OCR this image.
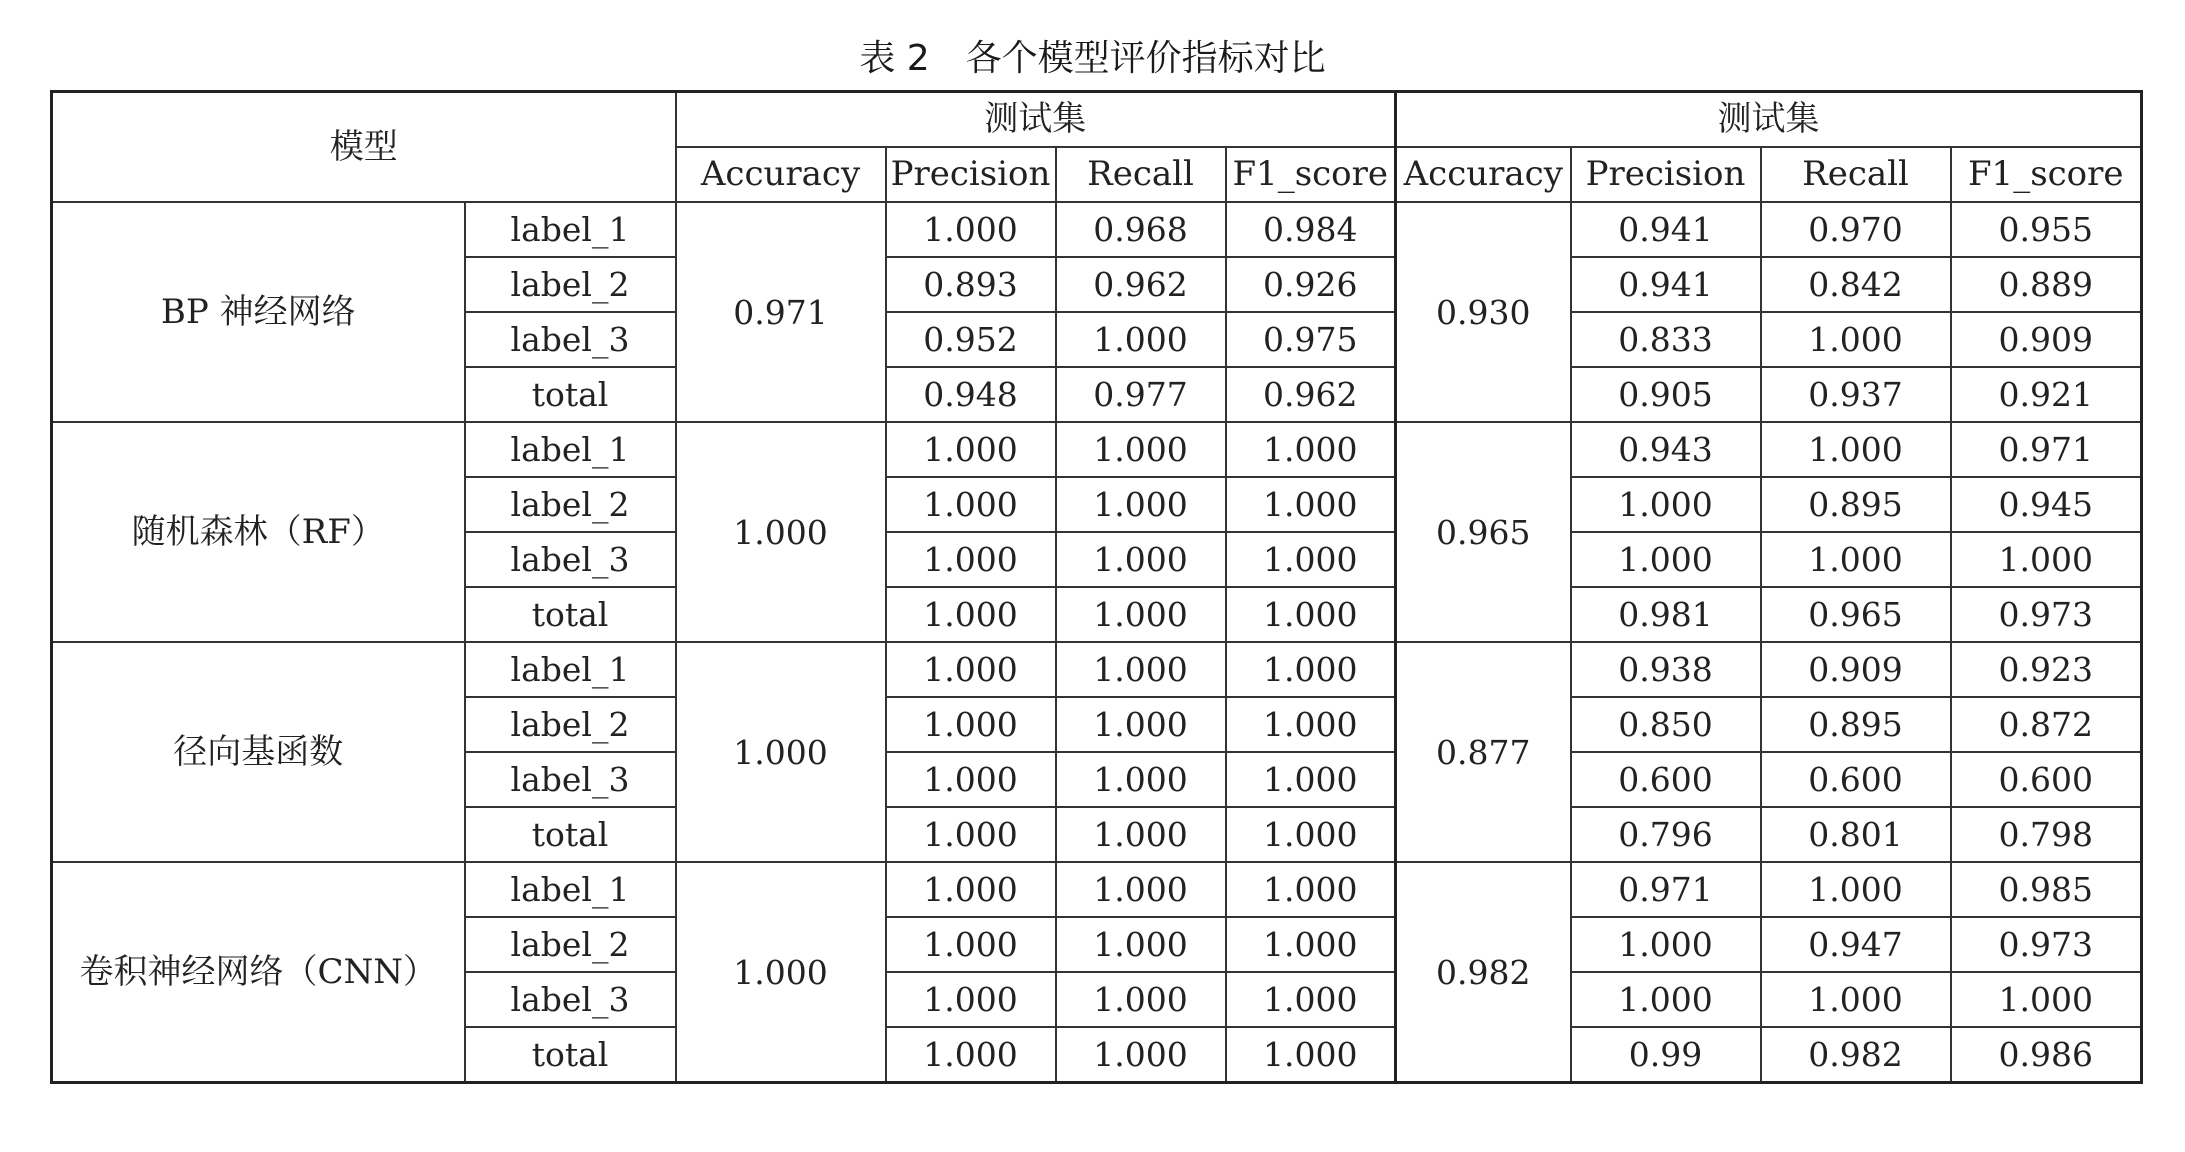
表 2　各个模型评价指标对比
模型		测试集				测试集			
		Accuracy	Precision	Recall	F1_score	Accuracy	Precision	Recall	F1_score
BP 神经网络	label_1	0.971	1.000	0.968	0.984	0.930	0.941	0.970	0.955
	label_2		0.893	0.962	0.926		0.941	0.842	0.889
	label_3		0.952	1.000	0.975		0.833	1.000	0.909
	total		0.948	0.977	0.962		0.905	0.937	0.921
随机森林（RF）	label_1	1.000	1.000	1.000	1.000	0.965	0.943	1.000	0.971
	label_2		1.000	1.000	1.000		1.000	0.895	0.945
	label_3		1.000	1.000	1.000		1.000	1.000	1.000
	total		1.000	1.000	1.000		0.981	0.965	0.973
径向基函数	label_1	1.000	1.000	1.000	1.000	0.877	0.938	0.909	0.923
	label_2		1.000	1.000	1.000		0.850	0.895	0.872
	label_3		1.000	1.000	1.000		0.600	0.600	0.600
	total		1.000	1.000	1.000		0.796	0.801	0.798
卷积神经网络（CNN）	label_1	1.000	1.000	1.000	1.000	0.982	0.971	1.000	0.985
	label_2		1.000	1.000	1.000		1.000	0.947	0.973
	label_3		1.000	1.000	1.000		1.000	1.000	1.000
	total		1.000	1.000	1.000		0.99	0.982	0.986
